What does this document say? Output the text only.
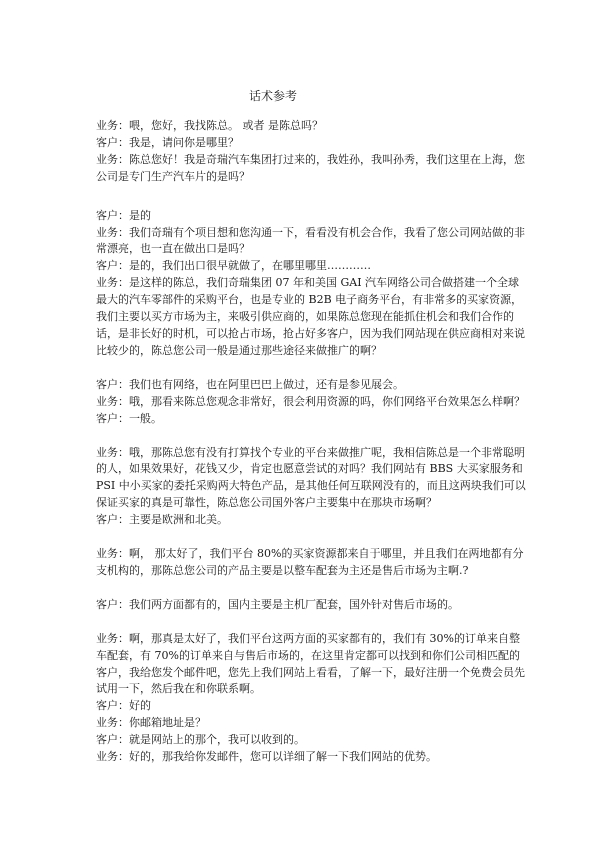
话术参考
业务：喂，您好，我找陈总。 或者 是陈总吗？
客户：我是，请问你是哪里？
业务：陈总您好！我是奇瑞汽车集团打过来的，我姓孙，我叫孙秀，我们这里在上海，您公司是专门生产汽车片的是吗？
客户：是的
业务：我们奇瑞有个项目想和您沟通一下，看看没有机会合作，我看了您公司网站做的非常漂亮，也一直在做出口是吗？
客户：是的，我们出口很早就做了，在哪里哪里…………
业务：是这样的陈总，我们奇瑞集团 07 年和美国 GAI 汽车网络公司合做搭建一个全球最大的汽车零部件的采购平台，也是专业的 B2B 电子商务平台，有非常多的买家资源，我们主要以买方市场为主，来吸引供应商的，如果陈总您现在能抓住机会和我们合作的话，是非长好的时机，可以抢占市场，抢占好多客户，因为我们网站现在供应商相对来说比较少的，陈总您公司一般是通过那些途径来做推广的啊？
客户：我们也有网络，也在阿里巴巴上做过，还有是参见展会。
业务：哦，那看来陈总您观念非常好，很会利用资源的吗，你们网络平台效果怎么样啊？
客户：一般。
业务：哦，那陈总您有没有打算找个专业的平台来做推广呢，我相信陈总是一个非常聪明的人，如果效果好，花钱又少，肯定也愿意尝试的对吗？我们网站有 BBS 大买家服务和 PSI 中小买家的委托采购两大特色产品，是其他任何互联网没有的，而且这两块我们可以保证买家的真是可靠性，陈总您公司国外客户主要集中在那块市场啊？
客户：主要是欧洲和北美。
业务：啊， 那太好了，我们平台 80%的买家资源都来自于哪里，并且我们在两地都有分支机构的，那陈总您公司的产品主要是以整车配套为主还是售后市场为主啊.?
客户：我们两方面都有的，国内主要是主机厂配套，国外针对售后市场的。
业务：啊，那真是太好了，我们平台这两方面的买家都有的，我们有 30%的订单来自整车配套，有 70%的订单来自与售后市场的，在这里肯定都可以找到和你们公司相匹配的客户，我给您发个邮件吧，您先上我们网站上看看，了解一下，最好注册一个免费会员先试用一下，然后我在和你联系啊。
客户：好的
业务：你邮箱地址是？
客户：就是网站上的那个，我可以收到的。
业务：好的，那我给你发邮件，您可以详细了解一下我们网站的优势。
